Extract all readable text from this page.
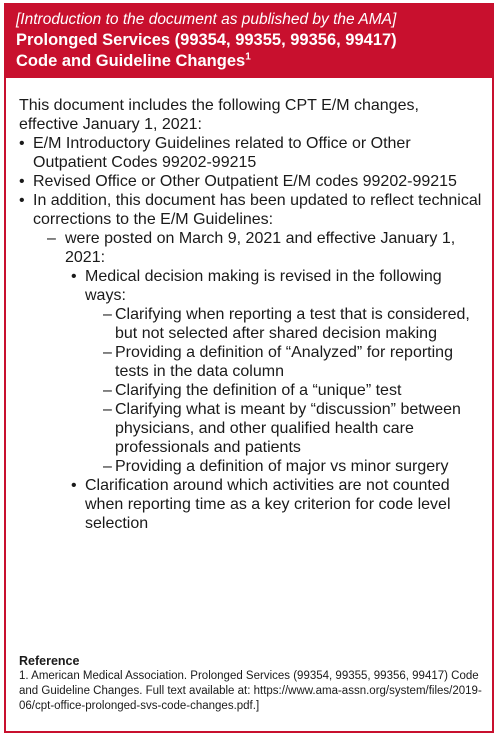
[Introduction to the document as published by the AMA]
Prolonged Services (99354, 99355, 99356, 99417)
Code and Guideline Changes$^1$

This document includes the following CPT E/M changes, effective January 1, 2021:

• E/M Introductory Guidelines related to Office or Other Outpatient Codes 99202-99215
• Revised Office or Other Outpatient E/M codes 99202-99215
• In addition, this document has been updated to reflect technical corrections to the E/M Guidelines:
– were posted on March 9, 2021 and effective January 1, 2021:
• Medical decision making is revised in the following ways:
– Clarifying when reporting a test that is considered, but not selected after shared decision making
– Providing a definition of “Analyzed” for reporting tests in the data column
– Clarifying the definition of a “unique” test
– Clarifying what is meant by “discussion” between physicians, and other qualified health care professionals and patients
– Providing a definition of major vs minor surgery
• Clarification around which activities are not counted when reporting time as a key criterion for code level selection
Reference
1. American Medical Association. Prolonged Services (99354, 99355, 99356, 99417) Code and Guideline Changes. Full text available at: https://www.ama-assn.org/system/files/2019-06/cpt-office-prolonged-svs-code-changes.pdf.]
